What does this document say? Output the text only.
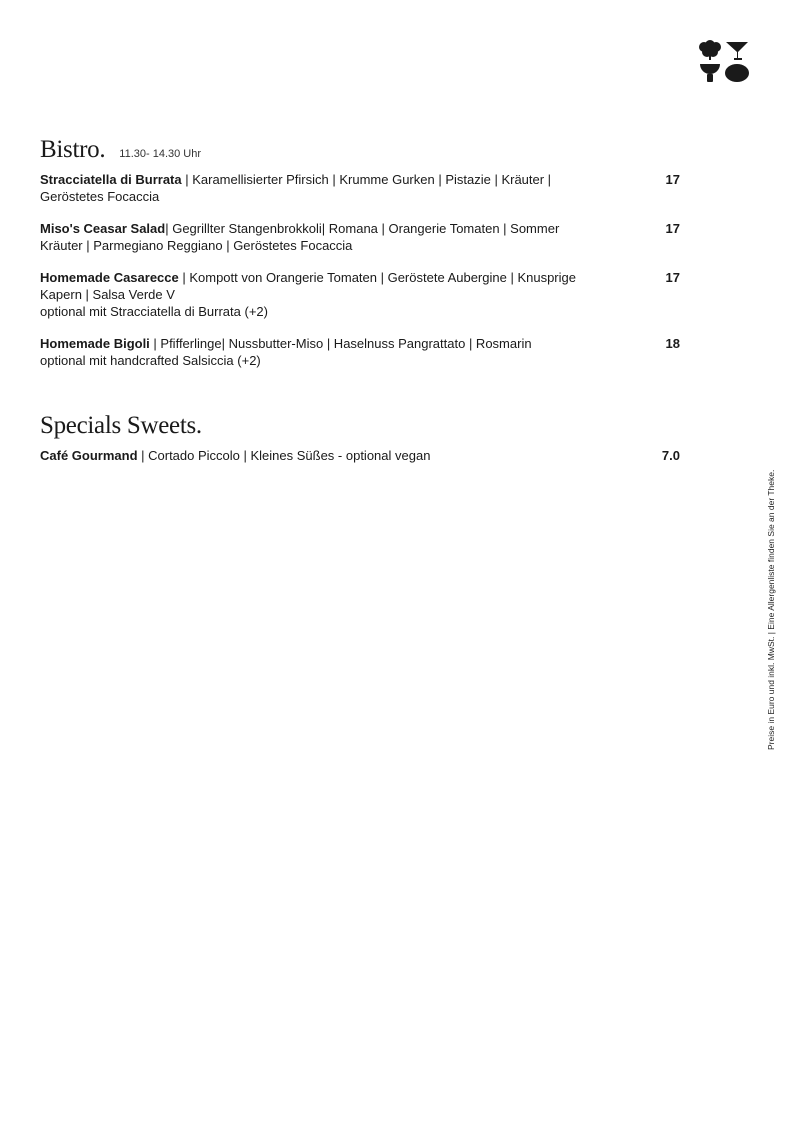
Bistro. 11.30- 14.30 Uhr
Stracciatella di Burrata | Karamellisierter Pfirsich | Krumme Gurken | Pistazie | Kräuter | Geröstetes Focaccia
17
Miso's Ceasar Salad| Gegrillter Stangenbrokkoli| Romana | Orangerie Tomaten | Sommer Kräuter | Parmegiano Reggiano | Geröstetes Focaccia
17
Homemade Casarecce | Kompott von Orangerie Tomaten | Geröstete Aubergine | Knusprige Kapern | Salsa Verde V
optional mit Stracciatella di Burrata (+2)
17
Homemade Bigoli | Pfifferlinge| Nussbutter-Miso | Haselnuss Pangrattato | Rosmarin
optional mit handcrafted Salsiccia (+2)
18
Specials Sweets.
Café Gourmand | Cortado Piccolo | Kleines Süßes - optional vegan	7.0
Preise in Euro und inkl. MwSt. | Eine Allergenliste finden Sie an der Theke.
